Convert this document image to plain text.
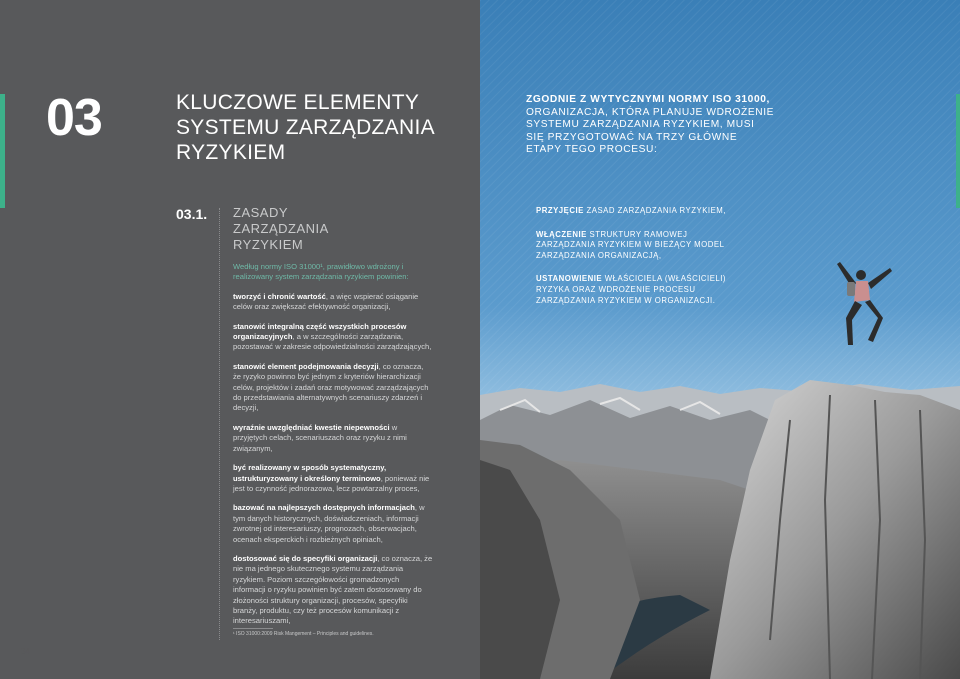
03	KLUCZOWE ELEMENTY
SYSTEMU ZARZĄDZANIA
RYZYKIEM
03.1. ZASADY
ZARZĄDZANIA
RYZYKIEM
Według normy ISO 31000¹, prawidłowo wdrożony i realizowany system zarządzania ryzykiem powinien:
tworzyć i chronić wartość, a więc wspierać osiąganie celów oraz zwiększać efektywność organizacji,
stanowić integralną część wszystkich procesów organizacyjnych, a w szczególności zarządzania, pozostawać w zakresie odpowiedzialności zarządzających,
stanowić element podejmowania decyzji, co oznacza, że ryzyko powinno być jednym z kryteriów hierarchizacji celów, projektów i zadań oraz motywować zarządzających do przedstawiania alternatywnych scenariuszy zdarzeń i decyzji,
wyraźnie uwzględniać kwestie niepewności w przyjętych celach, scenariuszach oraz ryzyku z nimi związanym,
być realizowany w sposób systematyczny, ustrukturyzowany i określony terminowo, ponieważ nie jest to czynność jednorazowa, lecz powtarzalny proces,
bazować na najlepszych dostępnych informacjach, w tym danych historycznych, doświadczeniach, informacji zwrotnej od interesariuszy, prognozach, obserwacjach, ocenach eksperckich i rozbieżnych opiniach,
dostosować się do specyfiki organizacji, co oznacza, że nie ma jednego skutecznego systemu zarządzania ryzykiem. Poziom szczegółowości gromadzonych informacji o ryzyku powinien być zatem dostosowany do złożoności struktury organizacji, procesów, specyfiki branży, produktu, czy też procesów komunikacji z interesariuszami,
¹ ISO 31000:2009 Risk Mangement – Principles and guidelines.
34
ZGODNIE Z WYTYCZNYMI NORMY ISO 31000, ORGANIZACJA, KTÓRA PLANUJE WDROŻENIE SYSTEMU ZARZĄDZANIA RYZYKIEM, MUSI SIĘ PRZYGOTOWAĆ NA TRZY GŁÓWNE ETAPY TEGO PROCESU:
PRZYJĘCIE ZASAD ZARZĄDZANIA RYZYKIEM,
WŁĄCZENIE STRUKTURY RAMOWEJ ZARZĄDZANIA RYZYKIEM W BIEŻĄCY MODEL ZARZĄDZANIA ORGANIZACJĄ,
USTANOWIENIE WŁAŚCICIELA (WŁAŚCICIELI) RYZYKA ORAZ WDROŻENIE PROCESU ZARZĄDZANIA RYZYKIEM W ORGANIZACJI.
